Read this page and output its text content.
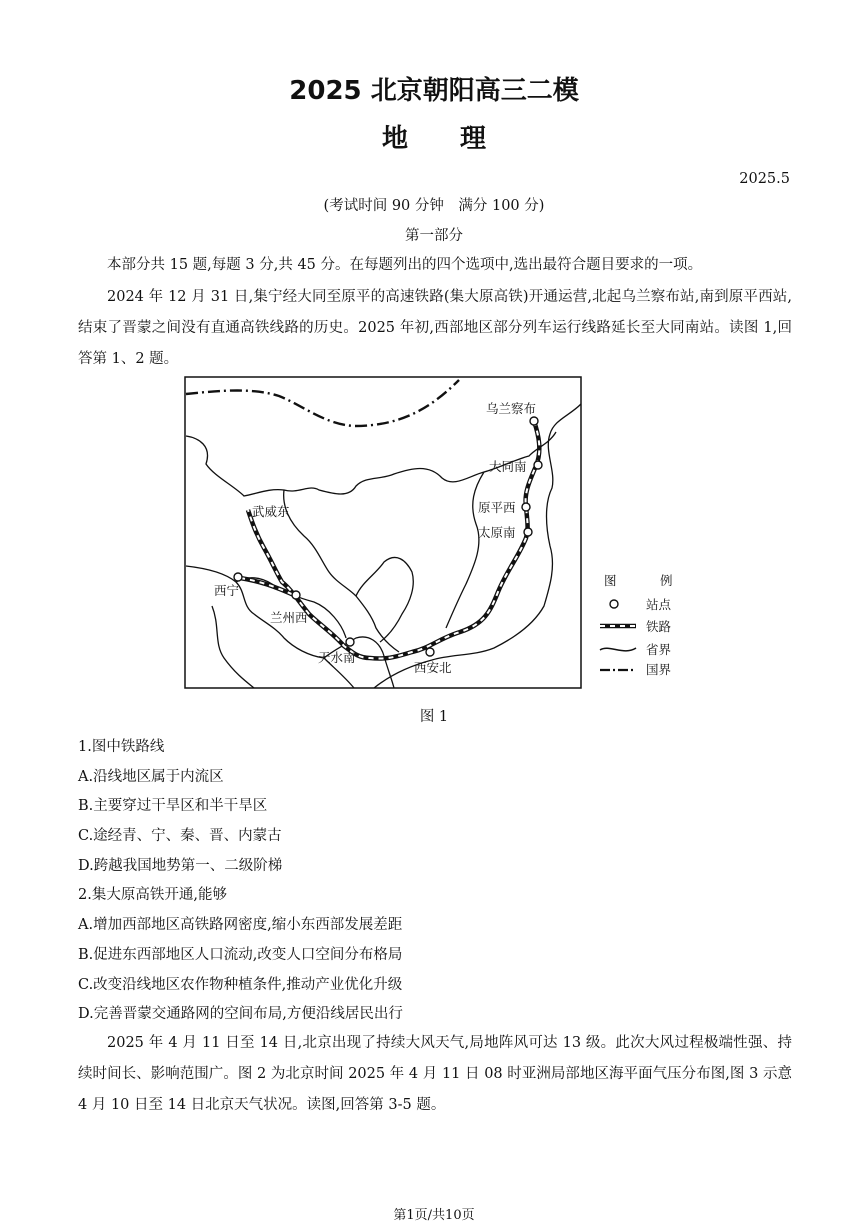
2025 北京朝阳高三二模
地 理
2025.5
(考试时间 90 分钟　满分 100 分)
第一部分
本部分共 15 题,每题 3 分,共 45 分。在每题列出的四个选项中,选出最符合题目要求的一项。
2024 年 12 月 31 日,集宁经大同至原平的高速铁路(集大原高铁)开通运营,北起乌兰察布站,南到原平西站,结束了晋蒙之间没有直通高铁线路的历史。2025 年初,西部地区部分列车运行线路延长至大同南站。读图 1,回答第 1、2 题。
乌兰察布
大同南
原平西
太原南
武威东
西宁
兰州西
天水南
西安北
图	例
站点
铁路
省界
国界
图 1
1.图中铁路线
A.沿线地区属于内流区
B.主要穿过干旱区和半干旱区
C.途经青、宁、秦、晋、内蒙古
D.跨越我国地势第一、二级阶梯
2.集大原高铁开通,能够
A.增加西部地区高铁路网密度,缩小东西部发展差距
B.促进东西部地区人口流动,改变人口空间分布格局
C.改变沿线地区农作物种植条件,推动产业优化升级
D.完善晋蒙交通路网的空间布局,方便沿线居民出行
2025 年 4 月 11 日至 14 日,北京出现了持续大风天气,局地阵风可达 13 级。此次大风过程极端性强、持续时间长、影响范围广。图 2 为北京时间 2025 年 4 月 11 日 08 时亚洲局部地区海平面气压分布图,图 3 示意 4 月 10 日至 14 日北京天气状况。读图,回答第 3-5 题。
第1页/共10页
